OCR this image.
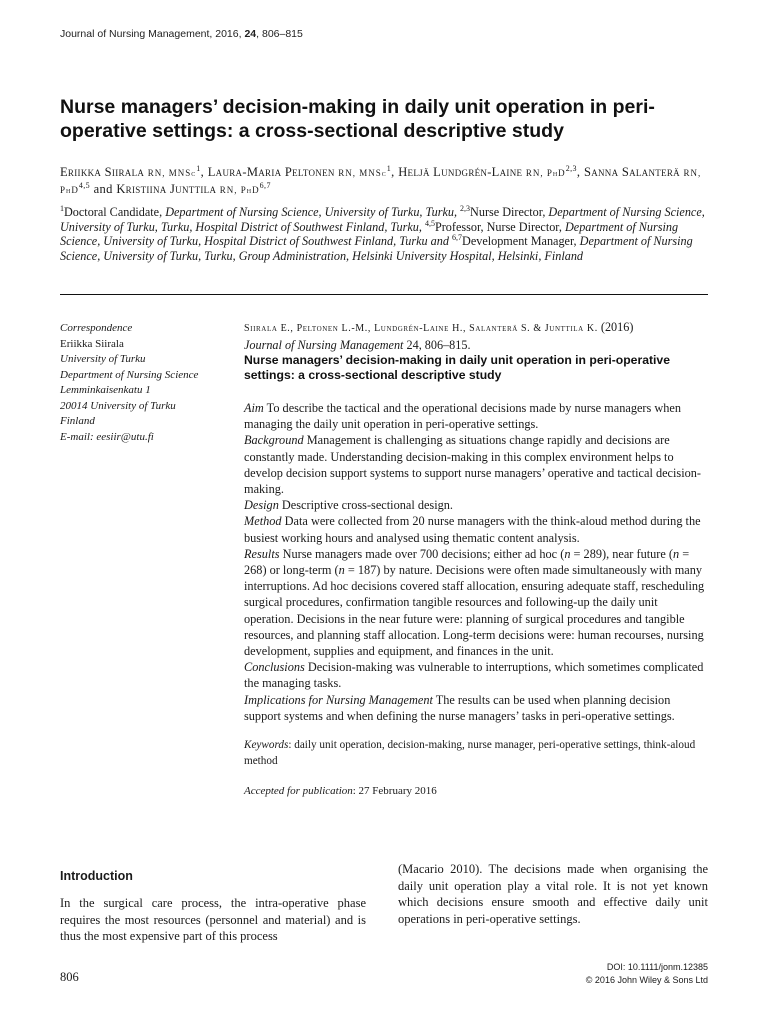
Journal of Nursing Management, 2016, 24, 806–815
Nurse managers’ decision-making in daily unit operation in peri-operative settings: a cross-sectional descriptive study
Eriikka Siirala RN, MNSc$^1$, Laura-Maria Peltonen RN, MNSc$^1$, Heljä Lundgrén-Laine RN, PhD$^{2,3}$, Sanna Salanterä RN, PhD$^{4,5}$ and Kristiina Junttila RN, PhD$^{6,7}$
$^1$Doctoral Candidate, Department of Nursing Science, University of Turku, Turku, $^{2,3}$Nurse Director, Department of Nursing Science, University of Turku, Turku, Hospital District of Southwest Finland, Turku, $^{4,5}$Professor, Nurse Director, Department of Nursing Science, University of Turku, Hospital District of Southwest Finland, Turku and $^{6,7}$Development Manager, Department of Nursing Science, University of Turku, Turku, Group Administration, Helsinki University Hospital, Helsinki, Finland
Correspondence
Eriikka Siirala
University of Turku
Department of Nursing Science
Lemminkaisenkatu 1
20014 University of Turku
Finland
E-mail: eesiir@utu.fi
Siirala E., Peltonen L.-M., Lundgrén-Laine H., Salanterä S. & Junttila K. (2016)
Journal of Nursing Management 24, 806–815.
Nurse managers’ decision-making in daily unit operation in peri-operative settings: a cross-sectional descriptive study

Aim To describe the tactical and the operational decisions made by nurse managers when managing the daily unit operation in peri-operative settings.

Background Management is challenging as situations change rapidly and decisions are constantly made. Understanding decision-making in this complex environment helps to develop decision support systems to support nurse managers’ operative and tactical decision-making.

Design Descriptive cross-sectional design.

Method Data were collected from 20 nurse managers with the think-aloud method during the busiest working hours and analysed using thematic content analysis.

Results Nurse managers made over 700 decisions; either ad hoc (n = 289), near future (n = 268) or long-term (n = 187) by nature. Decisions were often made simultaneously with many interruptions. Ad hoc decisions covered staff allocation, ensuring adequate staff, rescheduling surgical procedures, confirmation tangible resources and following-up the daily unit operation. Decisions in the near future were: planning of surgical procedures and tangible resources, and planning staff allocation. Long-term decisions were: human recourses, nursing development, supplies and equipment, and finances in the unit.

Conclusions Decision-making was vulnerable to interruptions, which sometimes complicated the managing tasks.

Implications for Nursing Management The results can be used when planning decision support systems and when defining the nurse managers’ tasks in peri-operative settings.

Keywords: daily unit operation, decision-making, nurse manager, peri-operative settings, think-aloud method
Accepted for publication: 27 February 2016
Introduction
In the surgical care process, the intra-operative phase requires the most resources (personnel and material) and is thus the most expensive part of this process
(Macario 2010). The decisions made when organising the daily unit operation play a vital role. It is not yet known which decisions ensure smooth and effective daily unit operations in peri-operative settings.
806
DOI: 10.1111/jonm.12385
© 2016 John Wiley & Sons Ltd
